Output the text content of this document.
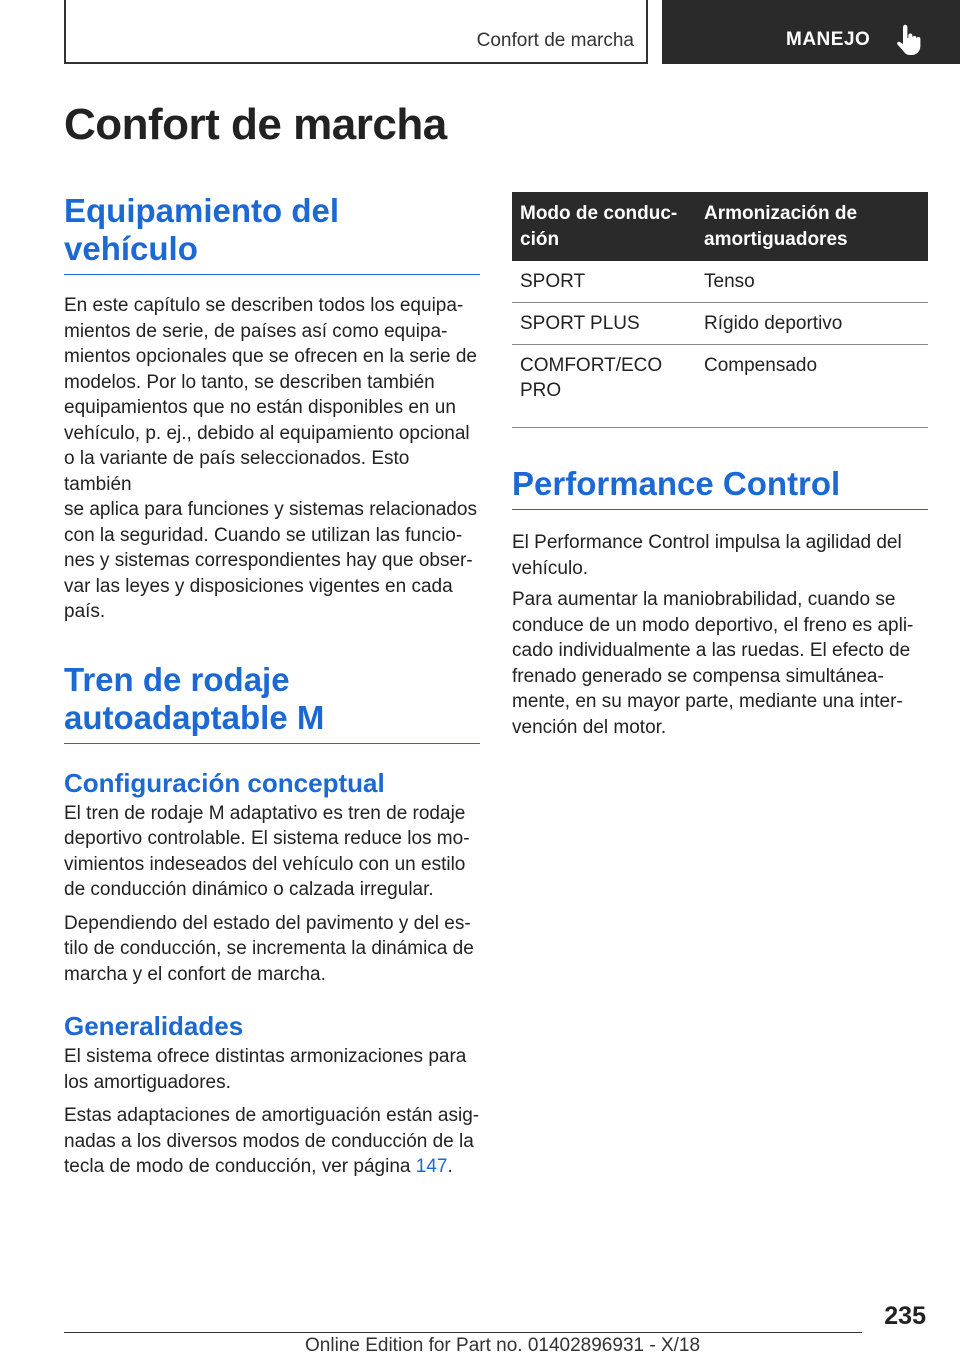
Confort de marcha	MANEJO
Confort de marcha
Equipamiento del vehículo

En este capítulo se describen todos los equipa-
mientos de serie, de países así como equipa-
mientos opcionales que se ofrecen en la serie de
modelos. Por lo tanto, se describen también
equipamientos que no están disponibles en un
vehículo, p. ej., debido al equipamiento opcional
o la variante de país seleccionados. Esto también
se aplica para funciones y sistemas relacionados
con la seguridad. Cuando se utilizan las funcio-
nes y sistemas correspondientes hay que obser-
var las leyes y disposiciones vigentes en cada
país.

Tren de rodaje
autoadaptable M
Configuración conceptual

El tren de rodaje M adaptativo es tren de rodaje
deportivo controlable. El sistema reduce los mo-
vimientos indeseados del vehículo con un estilo
de conducción dinámico o calzada irregular.

Dependiendo del estado del pavimento y del es-
tilo de conducción, se incrementa la dinámica de
marcha y el confort de marcha.

Generalidades

El sistema ofrece distintas armonizaciones para
los amortiguadores.

Estas adaptaciones de amortiguación están asig-
nadas a los diversos modos de conducción de la
tecla de modo de conducción, ver página 147.

Modo de conduc-
ción	Armonización de
amortiguadores
SPORT	Tenso
SPORT PLUS	Rígido deportivo
COMFORT/ECO
PRO	Compensado
Performance Control

El Performance Control impulsa la agilidad del
vehículo.

Para aumentar la maniobrabilidad, cuando se
conduce de un modo deportivo, el freno es apli-
cado individualmente a las ruedas. El efecto de
frenado generado se compensa simultánea-
mente, en su mayor parte, mediante una inter-
vención del motor.

235
Online Edition for Part no. 01402896931 - X/18
